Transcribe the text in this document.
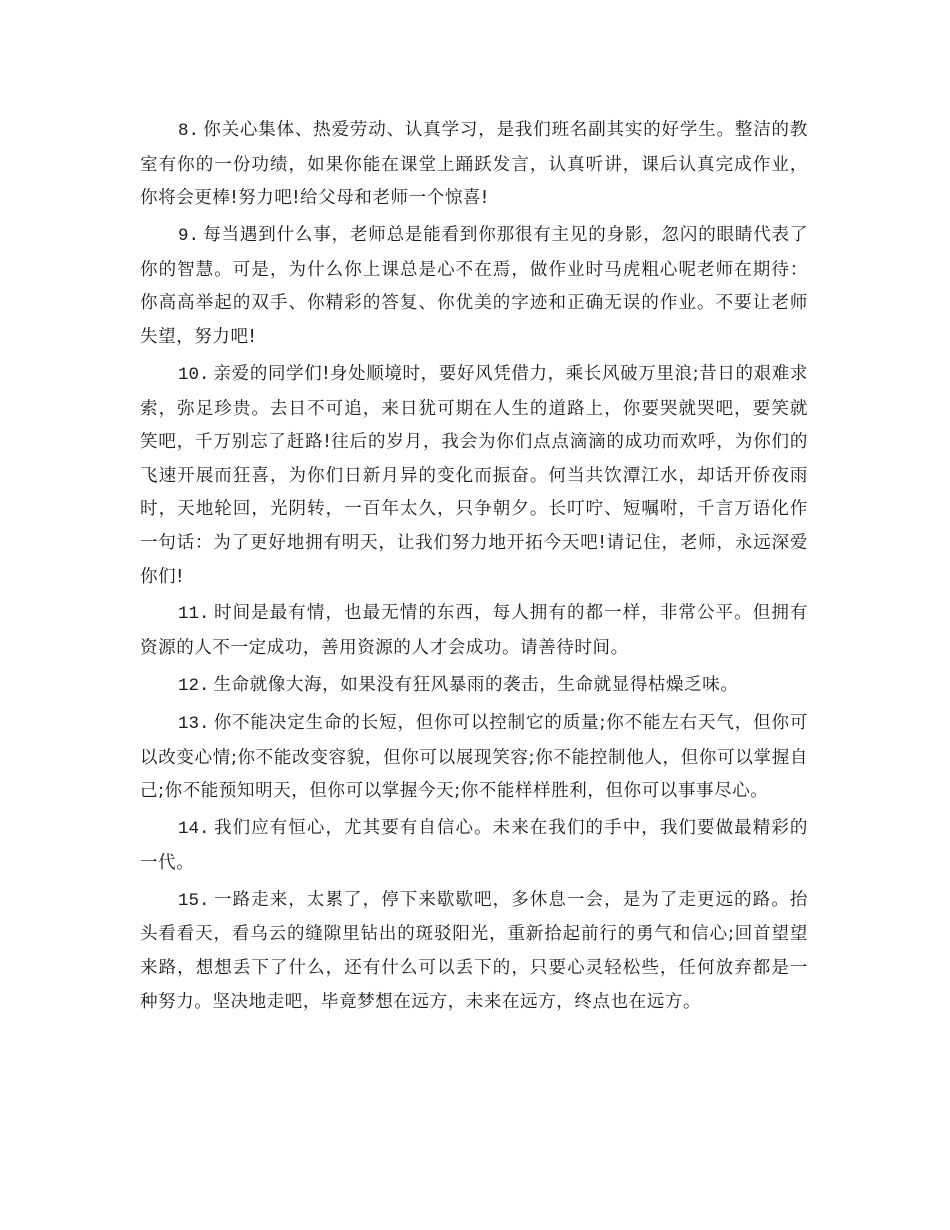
8. 你关心集体、热爱劳动、认真学习，是我们班名副其实的好学生。整洁的教室有你的一份功绩，如果你能在课堂上踊跃发言，认真听讲，课后认真完成作业，你将会更棒!努力吧!给父母和老师一个惊喜!

9. 每当遇到什么事，老师总是能看到你那很有主见的身影，忽闪的眼睛代表了你的智慧。可是，为什么你上课总是心不在焉，做作业时马虎粗心呢老师在期待：你高高举起的双手、你精彩的答复、你优美的字迹和正确无误的作业。不要让老师失望，努力吧!

10. 亲爱的同学们!身处顺境时，要好风凭借力，乘长风破万里浪;昔日的艰难求索，弥足珍贵。去日不可追，来日犹可期在人生的道路上，你要哭就哭吧，要笑就笑吧，千万别忘了赶路!往后的岁月，我会为你们点点滴滴的成功而欢呼，为你们的飞速开展而狂喜，为你们日新月异的变化而振奋。何当共饮潭江水，却话开侨夜雨时，天地轮回，光阴转，一百年太久，只争朝夕。长叮咛、短嘱咐，千言万语化作一句话：为了更好地拥有明天，让我们努力地开拓今天吧!请记住，老师，永远深爱你们!

11. 时间是最有情，也最无情的东西，每人拥有的都一样，非常公平。但拥有资源的人不一定成功，善用资源的人才会成功。请善待时间。

12. 生命就像大海，如果没有狂风暴雨的袭击，生命就显得枯燥乏味。

13. 你不能决定生命的长短，但你可以控制它的质量;你不能左右天气，但你可以改变心情;你不能改变容貌，但你可以展现笑容;你不能控制他人，但你可以掌握自己;你不能预知明天，但你可以掌握今天;你不能样样胜利，但你可以事事尽心。

14. 我们应有恒心，尤其要有自信心。未来在我们的手中，我们要做最精彩的一代。

15. 一路走来，太累了，停下来歇歇吧，多休息一会，是为了走更远的路。抬头看看天，看乌云的缝隙里钻出的斑驳阳光，重新拾起前行的勇气和信心;回首望望来路，想想丢下了什么，还有什么可以丢下的，只要心灵轻松些，任何放弃都是一种努力。坚决地走吧，毕竟梦想在远方，未来在远方，终点也在远方。
